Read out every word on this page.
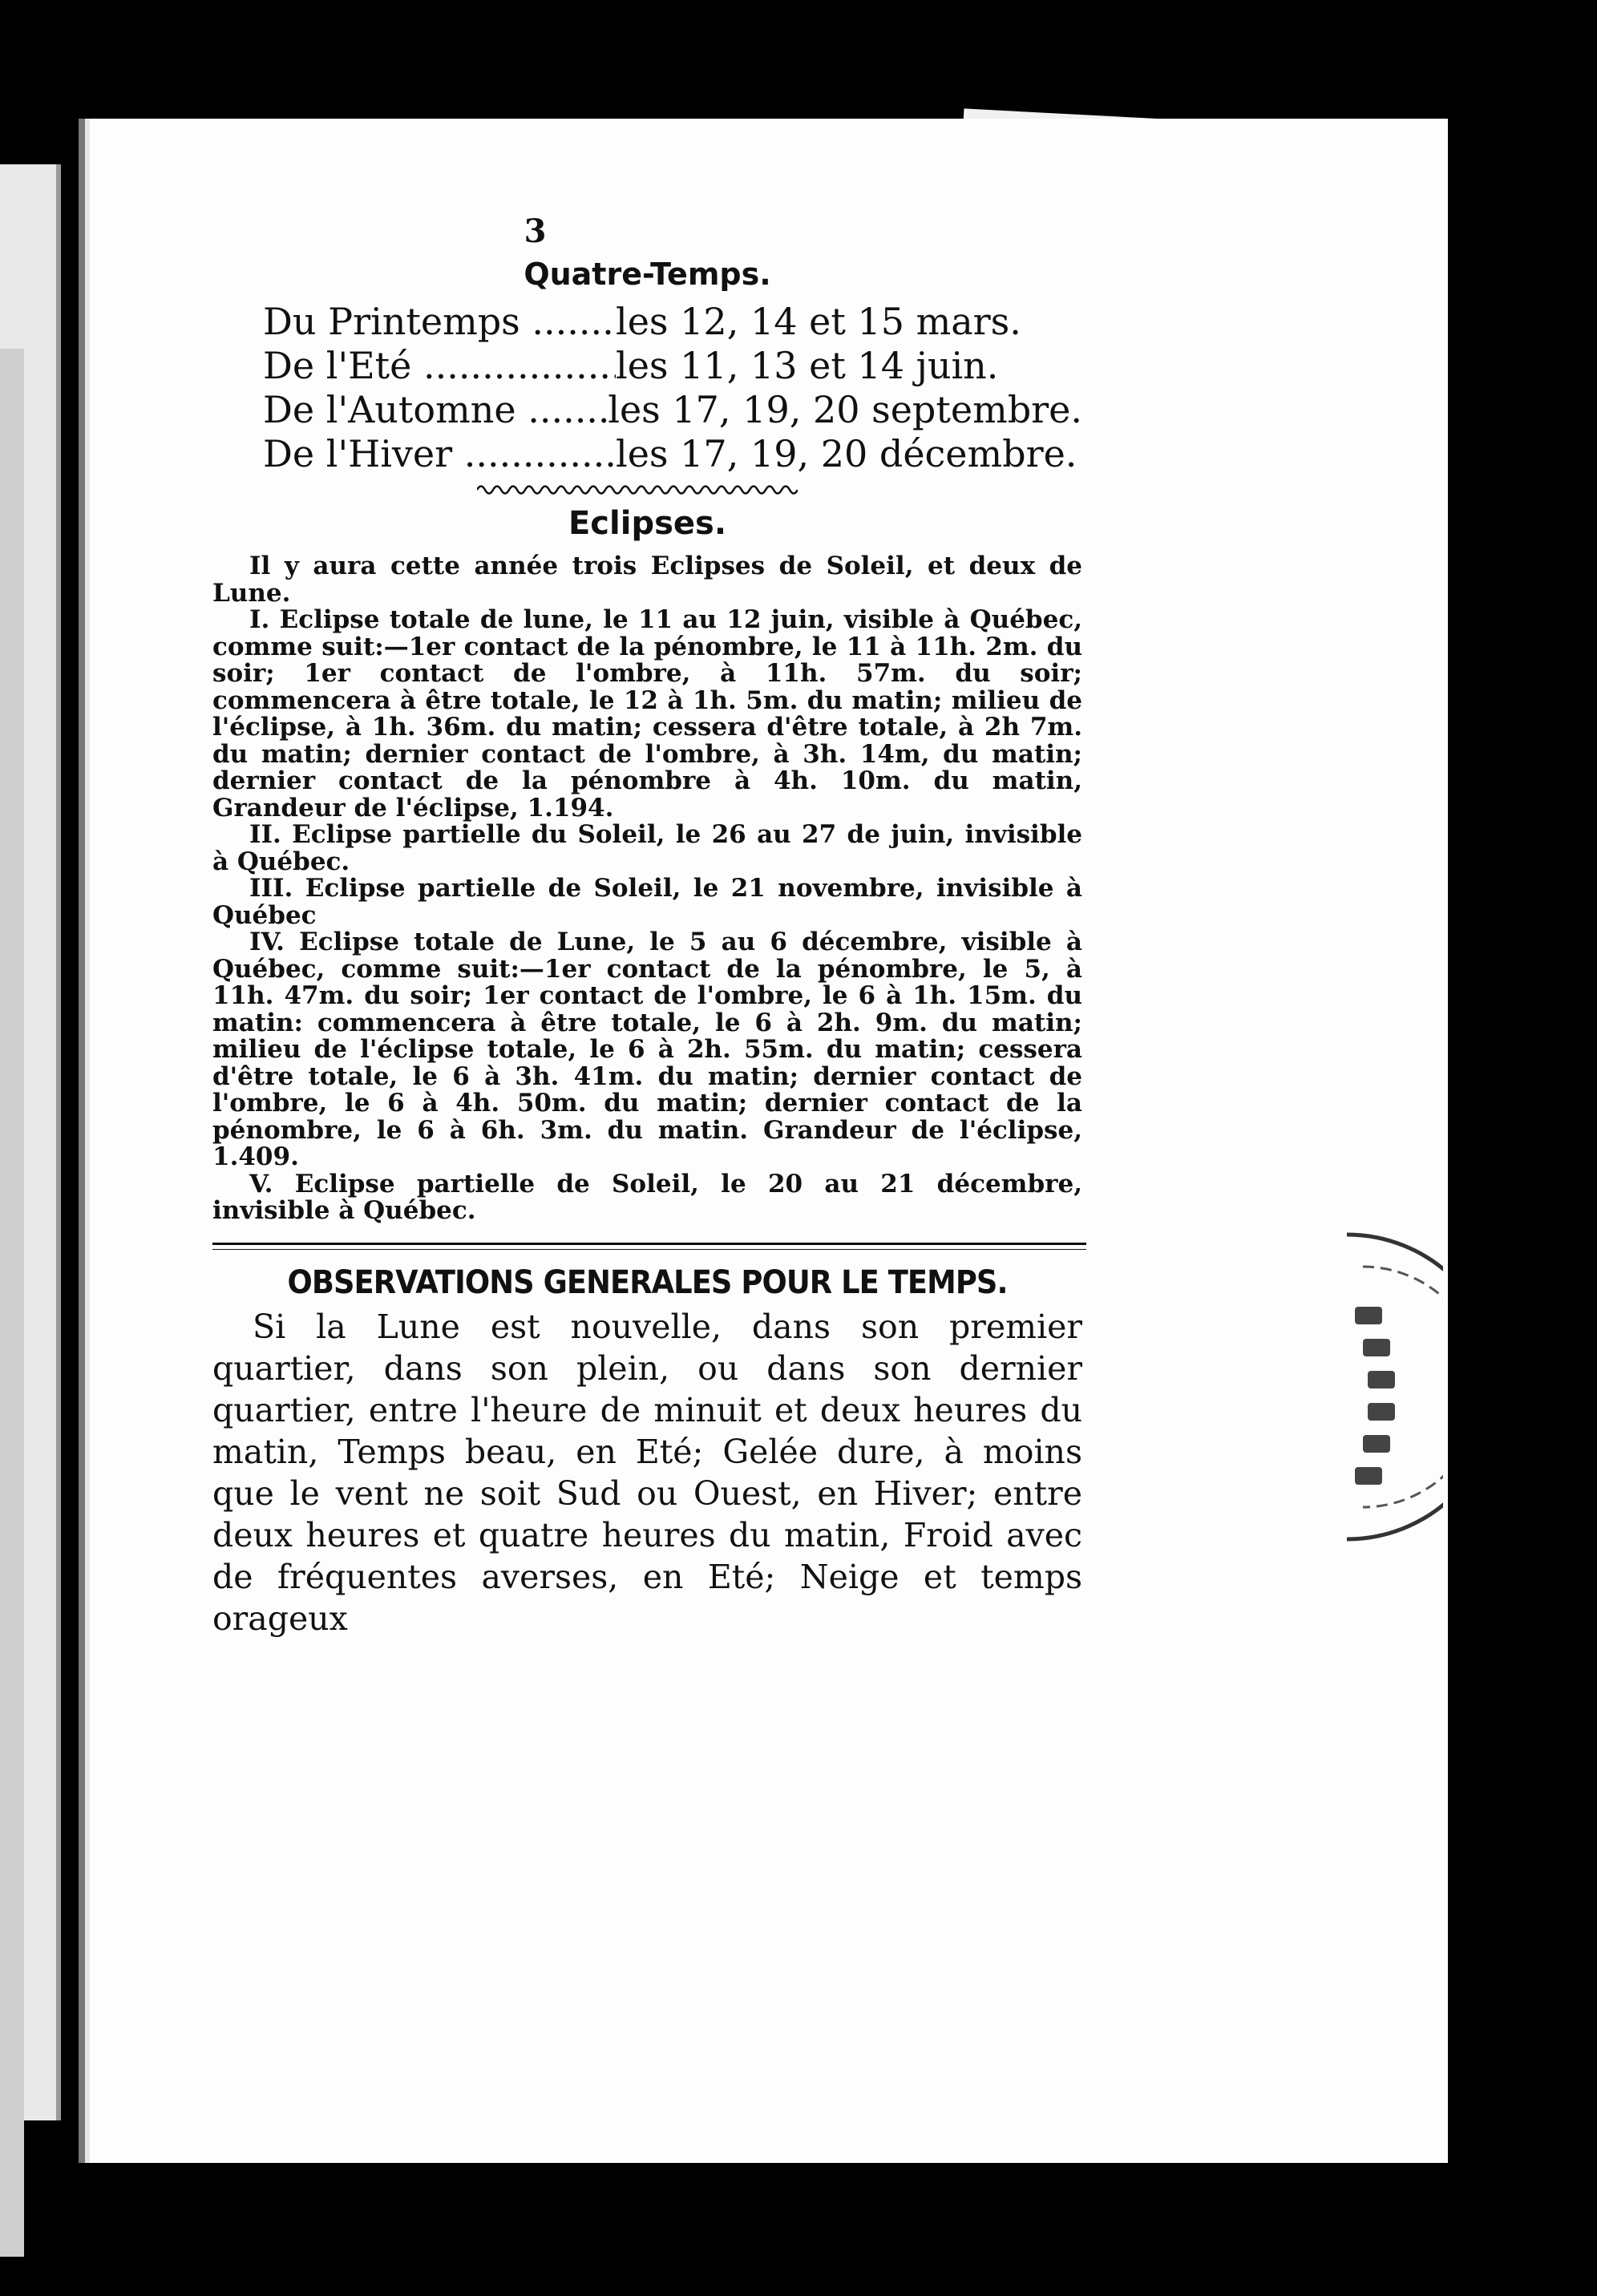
3
Quatre-Temps.
Du Printemps .....	les 12, 14 et 15 mars.
De l'Eté .....	les 11, 13 et 14 juin.
De l'Automne .....	les 17, 19, 20 septembre.
De l'Hiver .....	les 17, 19, 20 décembre.
Eclipses.

Il y aura cette année trois Eclipses de Soleil, et deux de Lune.

I. Eclipse totale de lune, le 11 au 12 juin, visible à Québec, comme suit:—1er contact de la pénombre, le 11 à 11h. 2m. du soir; 1er contact de l'ombre, à 11h. 57m. du soir; commencera à être totale, le 12 à 1h. 5m. du matin; milieu de l'éclipse, à 1h. 36m. du matin; cessera d'être totale, à 2h 7m. du matin; dernier contact de l'ombre, à 3h. 14m, du matin; dernier contact de la pénombre à 4h. 10m. du matin, Grandeur de l'éclipse, 1.194.

II. Eclipse partielle du Soleil, le 26 au 27 de juin, invisible à Québec.

III. Eclipse partielle de Soleil, le 21 novembre, invisible à Québec

IV. Eclipse totale de Lune, le 5 au 6 décembre, visible à Québec, comme suit:—1er contact de la pénombre, le 5, à 11h. 47m. du soir; 1er contact de l'ombre, le 6 à 1h. 15m. du matin: commencera à être totale, le 6 à 2h. 9m. du matin; milieu de l'éclipse totale, le 6 à 2h. 55m. du matin; cessera d'être totale, le 6 à 3h. 41m. du matin; dernier contact de l'ombre, le 6 à 4h. 50m. du matin; dernier contact de la pénombre, le 6 à 6h. 3m. du matin. Grandeur de l'éclipse, 1.409.

V. Eclipse partielle de Soleil, le 20 au 21 décembre, invisible à Québec.

OBSERVATIONS GENERALES POUR LE TEMPS.

Si la Lune est nouvelle, dans son premier quartier, dans son plein, ou dans son dernier quartier, entre l'heure de minuit et deux heures du matin, Temps beau, en Eté; Gelée dure, à moins que le vent ne soit Sud ou Ouest, en Hiver; entre deux heures et quatre heures du matin, Froid avec de fréquentes averses, en Eté; Neige et temps orageux
